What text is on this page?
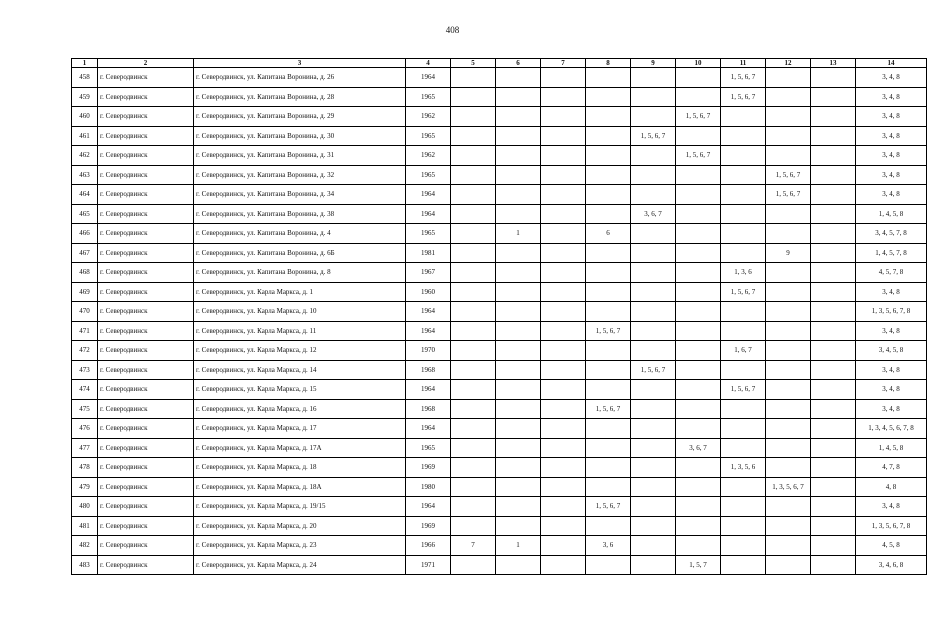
408
1	2	3	4	5	6	7	8	9	10	11	12	13	14
458	г. Северодвинск	г. Северодвинск, ул. Капитана Воронина, д. 26	1964							1, 5, 6, 7			3, 4, 8
459	г. Северодвинск	г. Северодвинск, ул. Капитана Воронина, д. 28	1965							1, 5, 6, 7			3, 4, 8
460	г. Северодвинск	г. Северодвинск, ул. Капитана Воронина, д. 29	1962						1, 5, 6, 7				3, 4, 8
461	г. Северодвинск	г. Северодвинск, ул. Капитана Воронина, д. 30	1965					1, 5, 6, 7					3, 4, 8
462	г. Северодвинск	г. Северодвинск, ул. Капитана Воронина, д. 31	1962						1, 5, 6, 7				3, 4, 8
463	г. Северодвинск	г. Северодвинск, ул. Капитана Воронина, д. 32	1965								1, 5, 6, 7		3, 4, 8
464	г. Северодвинск	г. Северодвинск, ул. Капитана Воронина, д. 34	1964								1, 5, 6, 7		3, 4, 8
465	г. Северодвинск	г. Северодвинск, ул. Капитана Воронина, д. 38	1964					3, 6, 7					1, 4, 5, 8
466	г. Северодвинск	г. Северодвинск, ул. Капитана Воронина, д. 4	1965		1		6						3, 4, 5, 7, 8
467	г. Северодвинск	г. Северодвинск, ул. Капитана Воронина, д. 6Б	1981								9		1, 4, 5, 7, 8
468	г. Северодвинск	г. Северодвинск, ул. Капитана Воронина, д. 8	1967							1, 3, 6			4, 5, 7, 8
469	г. Северодвинск	г. Северодвинск, ул. Карла Маркса, д. 1	1960							1, 5, 6, 7			3, 4, 8
470	г. Северодвинск	г. Северодвинск, ул. Карла Маркса, д. 10	1964										1, 3, 5, 6, 7, 8
471	г. Северодвинск	г. Северодвинск, ул. Карла Маркса, д. 11	1964				1, 5, 6, 7						3, 4, 8
472	г. Северодвинск	г. Северодвинск, ул. Карла Маркса, д. 12	1970							1, 6, 7			3, 4, 5, 8
473	г. Северодвинск	г. Северодвинск, ул. Карла Маркса, д. 14	1968					1, 5, 6, 7					3, 4, 8
474	г. Северодвинск	г. Северодвинск, ул. Карла Маркса, д. 15	1964							1, 5, 6, 7			3, 4, 8
475	г. Северодвинск	г. Северодвинск, ул. Карла Маркса, д. 16	1968				1, 5, 6, 7						3, 4, 8
476	г. Северодвинск	г. Северодвинск, ул. Карла Маркса, д. 17	1964										1, 3, 4, 5, 6, 7, 8
477	г. Северодвинск	г. Северодвинск, ул. Карла Маркса, д. 17А	1965						3, 6, 7				1, 4, 5, 8
478	г. Северодвинск	г. Северодвинск, ул. Карла Маркса, д. 18	1969							1, 3, 5, 6			4, 7, 8
479	г. Северодвинск	г. Северодвинск, ул. Карла Маркса, д. 18А	1980								1, 3, 5, 6, 7		4, 8
480	г. Северодвинск	г. Северодвинск, ул. Карла Маркса, д. 19/15	1964				1, 5, 6, 7						3, 4, 8
481	г. Северодвинск	г. Северодвинск, ул. Карла Маркса, д. 20	1969										1, 3, 5, 6, 7, 8
482	г. Северодвинск	г. Северодвинск, ул. Карла Маркса, д. 23	1966	7	1		3, 6						4, 5, 8
483	г. Северодвинск	г. Северодвинск, ул. Карла Маркса, д. 24	1971						1, 5, 7				3, 4, 6, 8
